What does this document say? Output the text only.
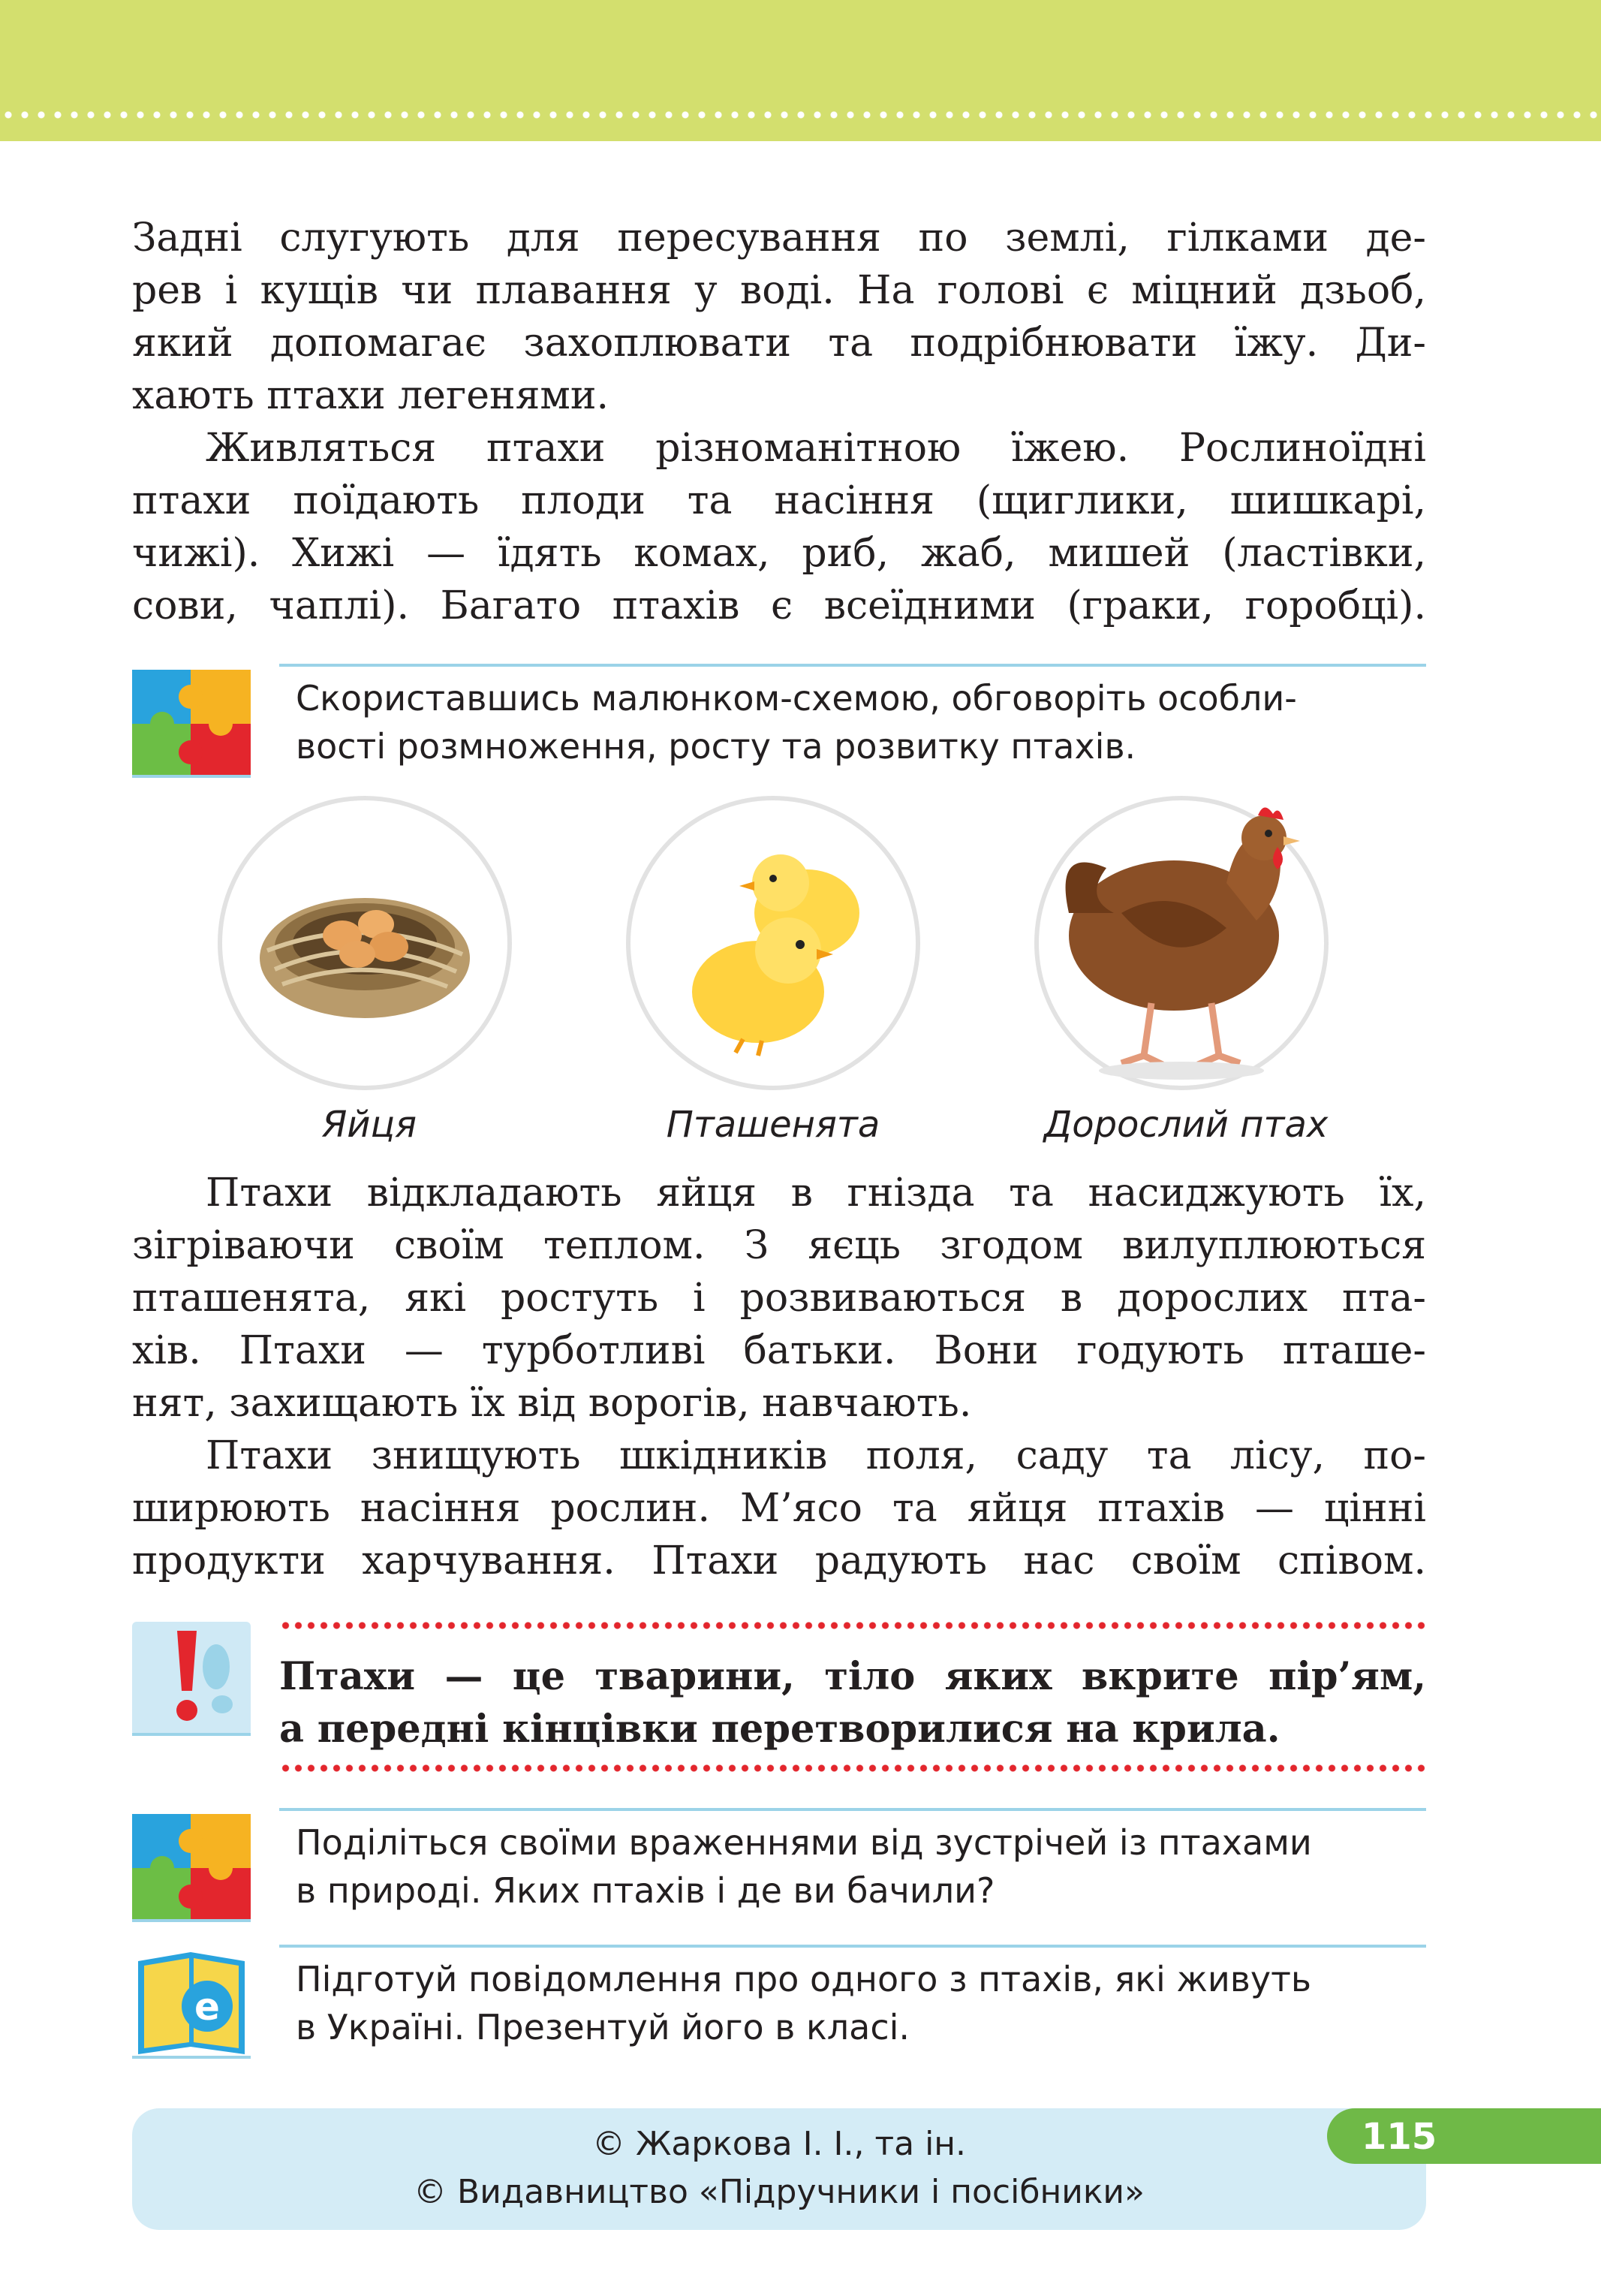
Задні слугують для пересування по землі, гілками де-
рев і кущів чи плавання у воді. На голові є міцний дзьоб,
який допомагає захоплювати та подрібнювати їжу. Ди-
хають птахи легенями.

Живляться птахи різноманітною їжею. Рослиноїдні
птахи поїдають плоди та насіння (щиглики, шишкарі,
чижі). Хижі — їдять комах, риб, жаб, мишей (ластівки,
сови, чаплі). Багато птахів є всеїдними (граки, горобці).

Скориставшись малюнком-схемою, обговоріть особли-
вості розмноження, росту та розвитку птахів.
Яйця	Пташенята	Дорослий птах

Птахи відкладають яйця в гнізда та насиджують їх,
зігріваючи своїм теплом. З яєць згодом вилуплюються
пташенята, які ростуть і розвиваються в дорослих пта-
хів. Птахи — турботливі батьки. Вони годують пташе-
нят, захищають їх від ворогів, навчають.

Птахи знищують шкідників поля, саду та лісу, по-
ширюють насіння рослин. М’ясо та яйця птахів — цінні
продукти харчування. Птахи радують нас своїм співом.

Птахи — це тварини, тіло яких вкрите пір’ям,
а передні кінцівки перетворилися на крила.
Поділіться своїми враженнями від зустрічей із птахами
в природі. Яких птахів і де ви бачили?
e
Підготуй повідомлення про одного з птахів, які живуть
в Україні. Презентуй його в класі.
© Жаркова І. І., та ін.
© Видавництво «Підручники і посібники»
115
